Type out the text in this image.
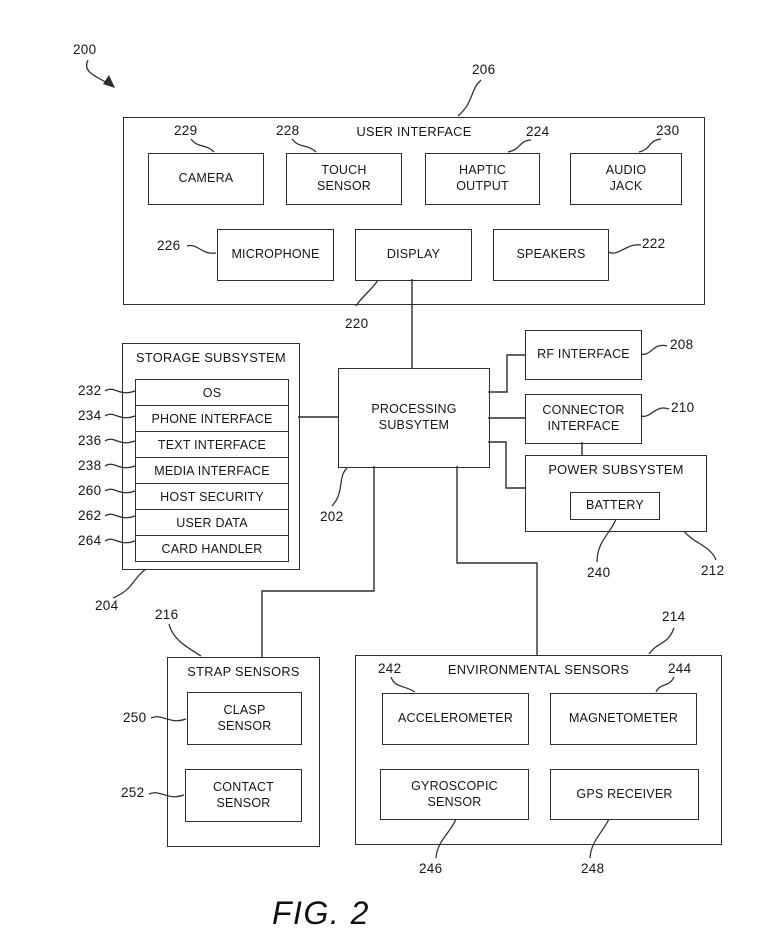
200
USER INTERFACE
206
CAMERA
229
TOUCH
SENSOR
228
HAPTIC
OUTPUT
224
AUDIO
JACK
230
MICROPHONE
226
DISPLAY
220
SPEAKERS
222
STORAGE SUBSYSTEM
OS
PHONE INTERFACE
TEXT INTERFACE
MEDIA INTERFACE
HOST SECURITY
USER DATA
CARD HANDLER
204
232
234
236
238
260
262
264
PROCESSING
SUBSYTEM
202
RF INTERFACE
208
CONNECTOR
INTERFACE
210
POWER SUBSYSTEM
BATTERY
240	212
STRAP SENSORS
216
CLASP
SENSOR
250
CONTACT
SENSOR
252
ENVIRONMENTAL SENSORS
214
ACCELEROMETER
242
MAGNETOMETER
244
GYROSCOPIC
SENSOR
246
GPS RECEIVER
248
FIG. 2
